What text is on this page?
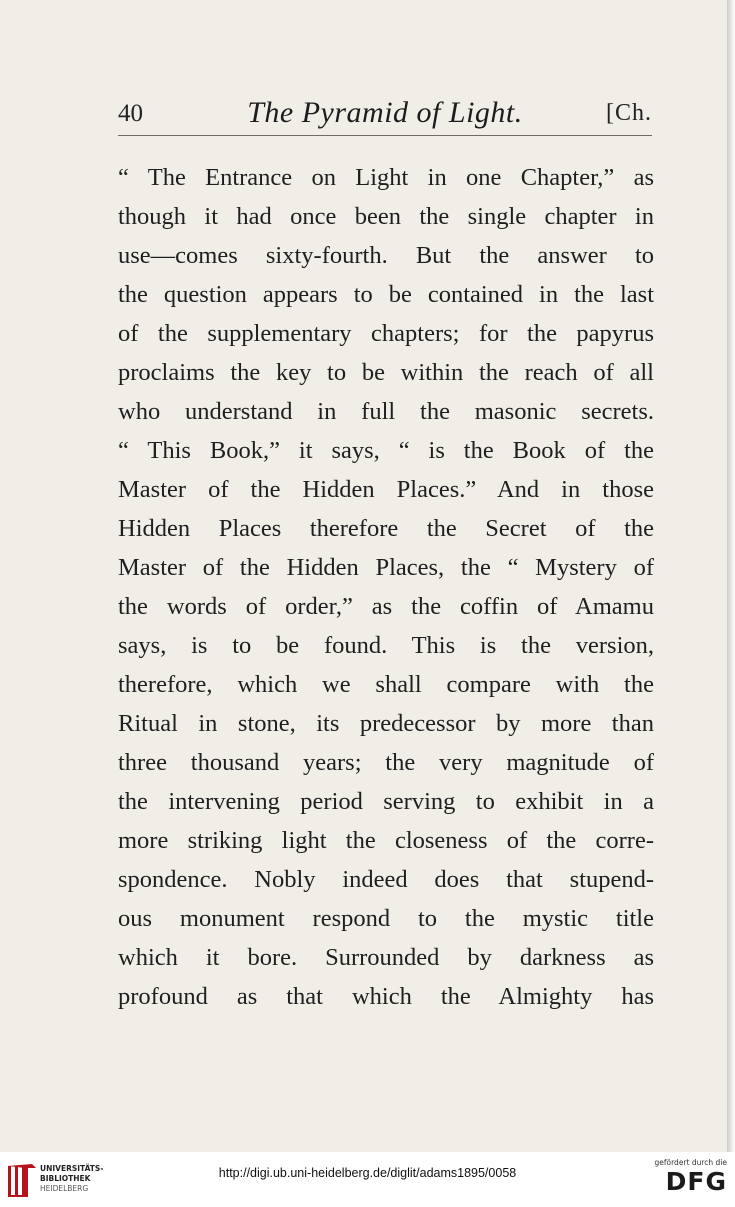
40	The Pyramid of Light.	[Ch.
“ The Entrance on Light in one Chapter,” as
though it had once been the single chapter in
use—comes sixty-fourth. But the answer to
the question appears to be contained in the last
of the supplementary chapters; for the papyrus
proclaims the key to be within the reach of all
who understand in full the masonic secrets.
“ This Book,” it says, “ is the Book of the
Master of the Hidden Places.” And in those
Hidden Places therefore the Secret of the
Master of the Hidden Places, the “ Mystery of
the words of order,” as the coffin of Amamu
says, is to be found. This is the version,
therefore, which we shall compare with the
Ritual in stone, its predecessor by more than
three thousand years; the very magnitude of
the intervening period serving to exhibit in a
more striking light the closeness of the corre-
spondence. Nobly indeed does that stupend-
ous monument respond to the mystic title
which it bore. Surrounded by darkness as
profound as that which the Almighty has
UNIVERSITÄTS-
BIBLIOTHEK
HEIDELBERG
http://digi.ub.uni-heidelberg.de/diglit/adams1895/0058
gefördert durch die
DFG
